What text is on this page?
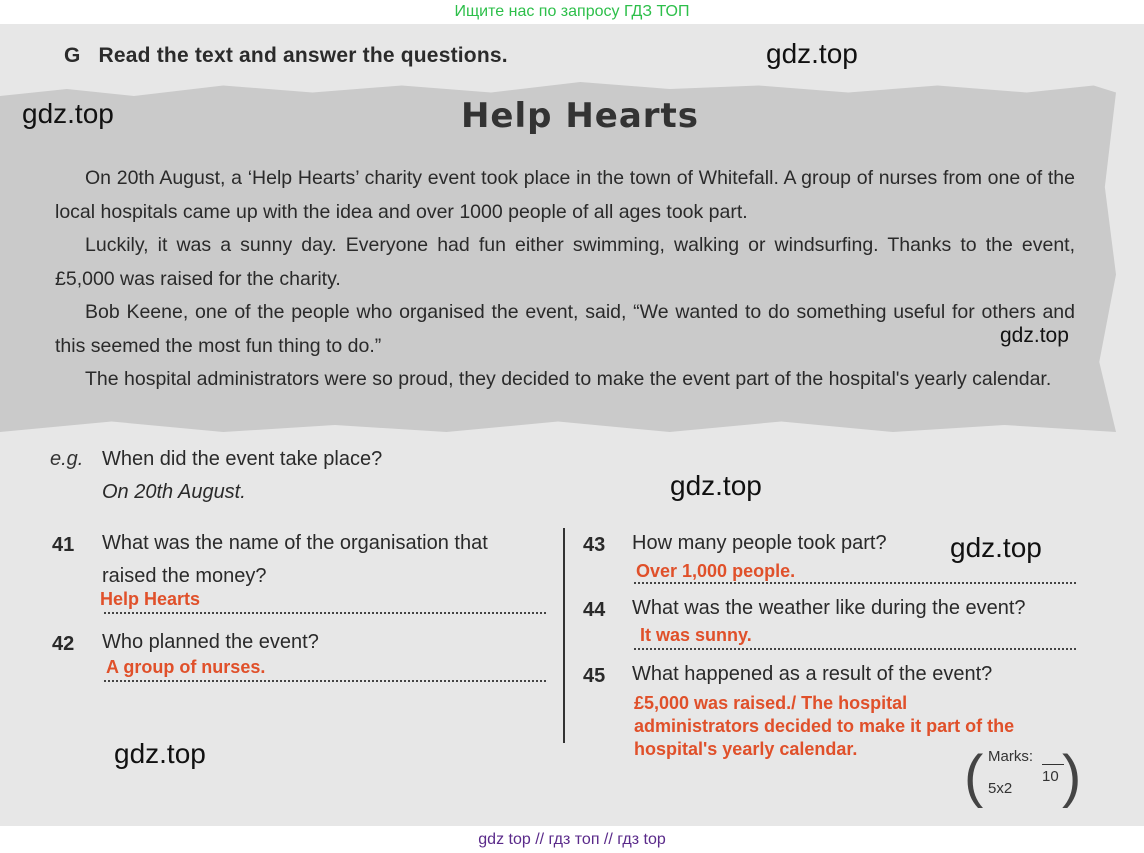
Ищите нас по запросу ГДЗ ТОП

G Read the text and answer the questions.
Help Hearts

On 20th August, a ‘Help Hearts’ charity event took place in the town of Whitefall. A group of nurses from one of the local hospitals came up with the idea and over 1000 people of all ages took part.

Luckily, it was a sunny day. Everyone had fun either swimming, walking or windsurfing. Thanks to the event, £5,000 was raised for the charity.

Bob Keene, one of the people who organised the event, said, “We wanted to do something useful for others and this seemed the most fun thing to do.”

The hospital administrators were so proud, they decided to make the event part of the hospital's yearly calendar.

e.g. When did the event take place?
On 20th August.
41 What was the name of the organisation that
raised the money?
Help Hearts
42 Who planned the event?
A group of nurses.
43 How many people took part?
Over 1,000 people.
44 What was the weather like during the event?
It was sunny.
45 What happened as a result of the event?
£5,000 was raised./ The hospital
administrators decided to make it part of the
hospital's yearly calendar.	( Marks:
10
5x2 )
gdz.top
gdz.top
gdz.top
gdz.top
gdz.top
gdz.top
gdz top // гдз топ // гдз top
